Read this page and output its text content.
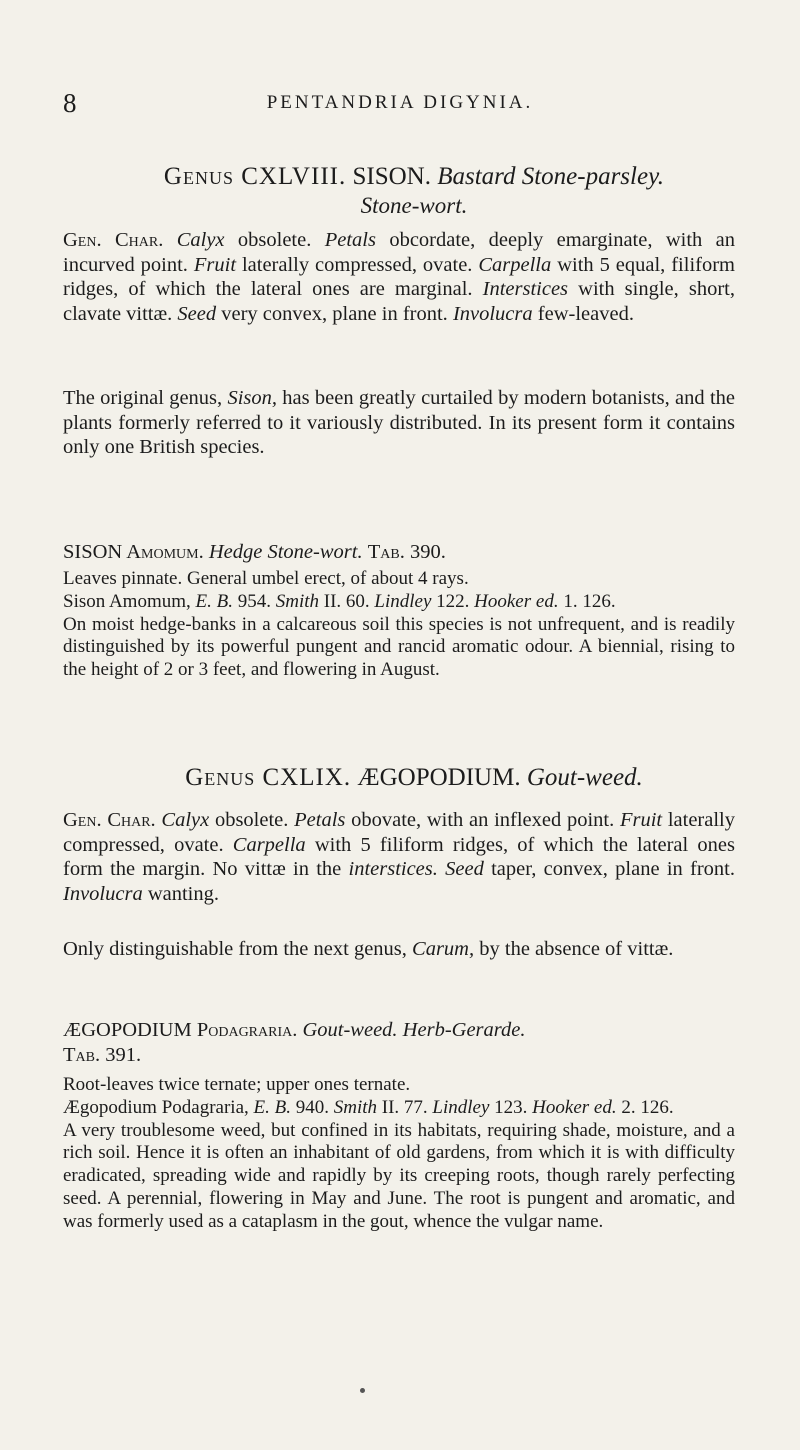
8	PENTANDRIA DIGYNIA.
Genus CXLVIII. SISON. Bastard Stone-parsley.
Stone-wort.
Gen. Char. Calyx obsolete. Petals obcordate, deeply emarginate, with an incurved point. Fruit laterally compressed, ovate. Carpella with 5 equal, filiform ridges, of which the lateral ones are marginal. Interstices with single, short, clavate vittæ. Seed very convex, plane in front. Involucra few-leaved.
The original genus, Sison, has been greatly curtailed by modern botanists, and the plants formerly referred to it variously distributed. In its present form it contains only one British species.
SISON Amomum. Hedge Stone-wort. Tab. 390.
Leaves pinnate. General umbel erect, of about 4 rays.
Sison Amomum, E. B. 954. Smith II. 60. Lindley 122. Hooker ed. 1. 126.
On moist hedge-banks in a calcareous soil this species is not unfrequent, and is readily distinguished by its powerful pungent and rancid aromatic odour. A biennial, rising to the height of 2 or 3 feet, and flowering in August.
Genus CXLIX. ÆGOPODIUM. Gout-weed.
Gen. Char. Calyx obsolete. Petals obovate, with an inflexed point. Fruit laterally compressed, ovate. Carpella with 5 filiform ridges, of which the lateral ones form the margin. No vittæ in the interstices. Seed taper, convex, plane in front. Involucra wanting.
Only distinguishable from the next genus, Carum, by the absence of vittæ.
ÆGOPODIUM Podagraria. Gout-weed. Herb-Gerarde.
Tab. 391.
Root-leaves twice ternate; upper ones ternate.
Ægopodium Podagraria, E. B. 940. Smith II. 77. Lindley 123. Hooker ed. 2. 126.
A very troublesome weed, but confined in its habitats, requiring shade, moisture, and a rich soil. Hence it is often an inhabitant of old gardens, from which it is with difficulty eradicated, spreading wide and rapidly by its creeping roots, though rarely perfecting seed. A perennial, flowering in May and June. The root is pungent and aromatic, and was formerly used as a cataplasm in the gout, whence the vulgar name.
